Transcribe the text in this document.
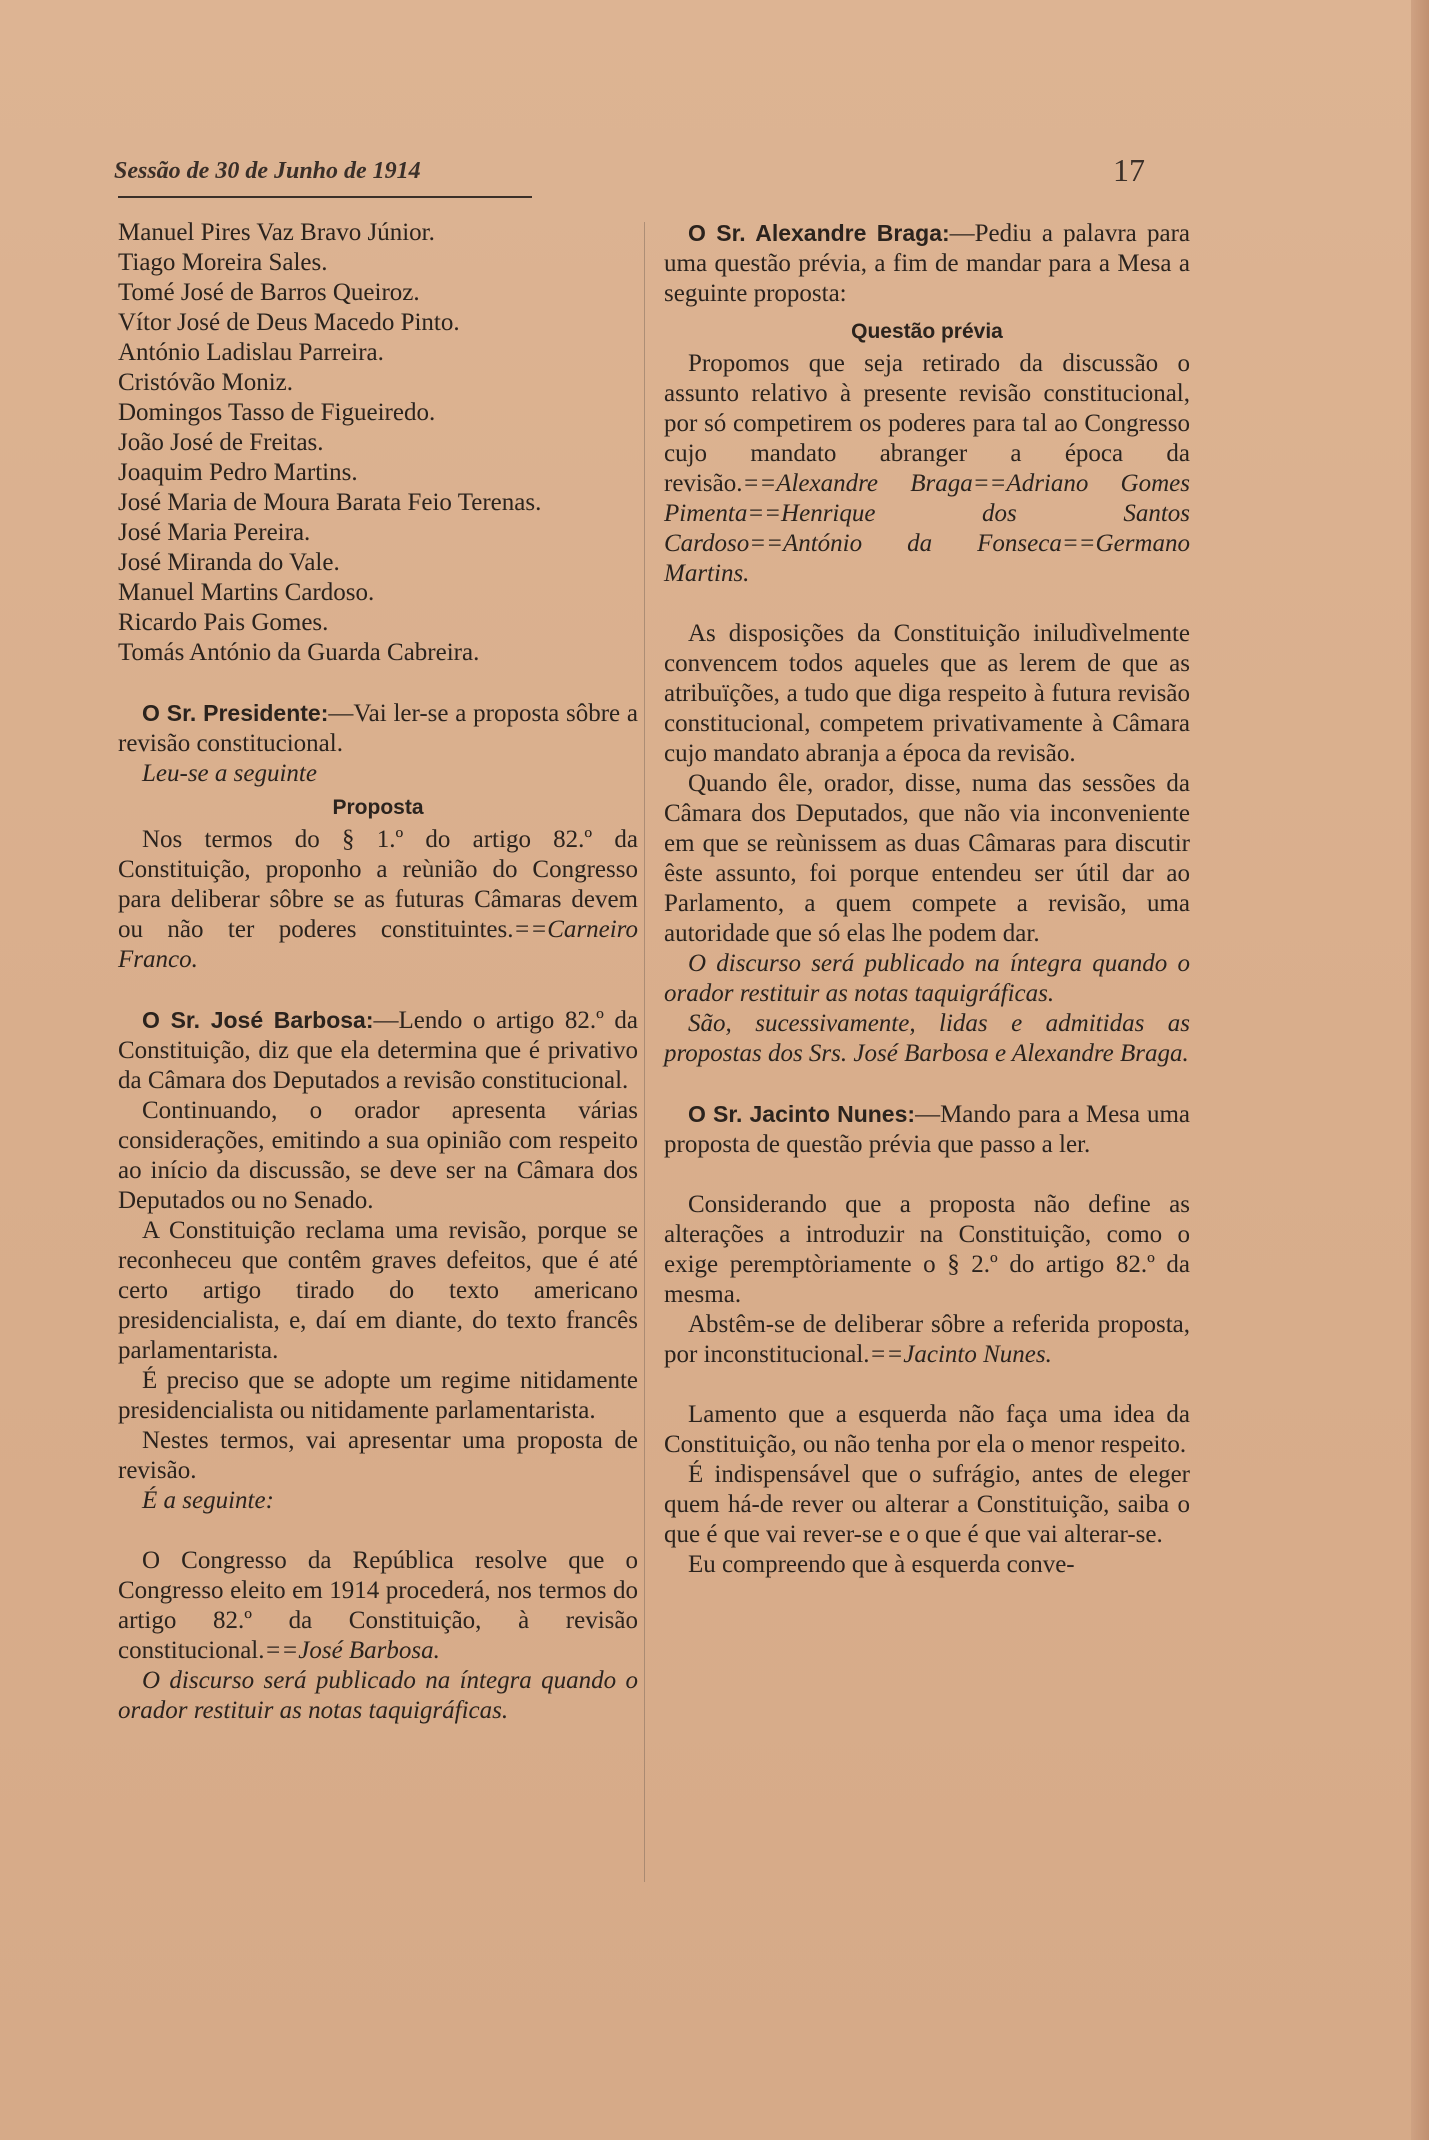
Sessão de 30 de Junho de 1914	17

Manuel Pires Vaz Bravo Júnior.

Tiago Moreira Sales.

Tomé José de Barros Queiroz.

Vítor José de Deus Macedo Pinto.

António Ladislau Parreira.

Cristóvão Moniz.

Domingos Tasso de Figueiredo.

João José de Freitas.

Joaquim Pedro Martins.

José Maria de Moura Barata Feio Terenas.

José Maria Pereira.

José Miranda do Vale.

Manuel Martins Cardoso.

Ricardo Pais Gomes.

Tomás António da Guarda Cabreira.

O Sr. Presidente:—Vai ler-se a proposta sôbre a revisão constitucional.

Leu-se a seguinte

Proposta

Nos termos do § 1.º do artigo 82.º da Constituição, proponho a reùnião do Congresso para deliberar sôbre se as futuras Câmaras devem ou não ter poderes constituintes.==Carneiro Franco.

O Sr. José Barbosa:—Lendo o artigo 82.º da Constituição, diz que ela determina que é privativo da Câmara dos Deputados a revisão constitucional.

Continuando, o orador apresenta várias considerações, emitindo a sua opinião com respeito ao início da discussão, se deve ser na Câmara dos Deputados ou no Senado.

A Constituição reclama uma revisão, porque se reconheceu que contêm graves defeitos, que é até certo artigo tirado do texto americano presidencialista, e, daí em diante, do texto francês parlamentarista.

É preciso que se adopte um regime nitidamente presidencialista ou nitidamente parlamentarista.

Nestes termos, vai apresentar uma proposta de revisão.

É a seguinte:

O Congresso da República resolve que o Congresso eleito em 1914 procederá, nos termos do artigo 82.º da Constituição, à revisão constitucional.==José Barbosa.

O discurso será publicado na íntegra quando o orador restituir as notas taquigráficas.

O Sr. Alexandre Braga:—Pediu a palavra para uma questão prévia, a fim de mandar para a Mesa a seguinte proposta:

Questão prévia

Propomos que seja retirado da discussão o assunto relativo à presente revisão constitucional, por só competirem os poderes para tal ao Congresso cujo mandato abranger a época da revisão.==Alexandre Braga==Adriano Gomes Pimenta==Henrique dos Santos Cardoso==António da Fonseca==Germano Martins.

As disposições da Constituição iniludìvelmente convencem todos aqueles que as lerem de que as atribuïções, a tudo que diga respeito à futura revisão constitucional, competem privativamente à Câmara cujo mandato abranja a época da revisão.

Quando êle, orador, disse, numa das sessões da Câmara dos Deputados, que não via inconveniente em que se reùnissem as duas Câmaras para discutir êste assunto, foi porque entendeu ser útil dar ao Parlamento, a quem compete a revisão, uma autoridade que só elas lhe podem dar.

O discurso será publicado na íntegra quando o orador restituir as notas taquigráficas.

São, sucessivamente, lidas e admitidas as propostas dos Srs. José Barbosa e Alexandre Braga.

O Sr. Jacinto Nunes:—Mando para a Mesa uma proposta de questão prévia que passo a ler.

Considerando que a proposta não define as alterações a introduzir na Constituição, como o exige peremptòriamente o § 2.º do artigo 82.º da mesma.

Abstêm-se de deliberar sôbre a referida proposta, por inconstitucional.==Jacinto Nunes.

Lamento que a esquerda não faça uma idea da Constituição, ou não tenha por ela o menor respeito.

É indispensável que o sufrágio, antes de eleger quem há-de rever ou alterar a Constituição, saiba o que é que vai rever-se e o que é que vai alterar-se.

Eu compreendo que à esquerda conve-
